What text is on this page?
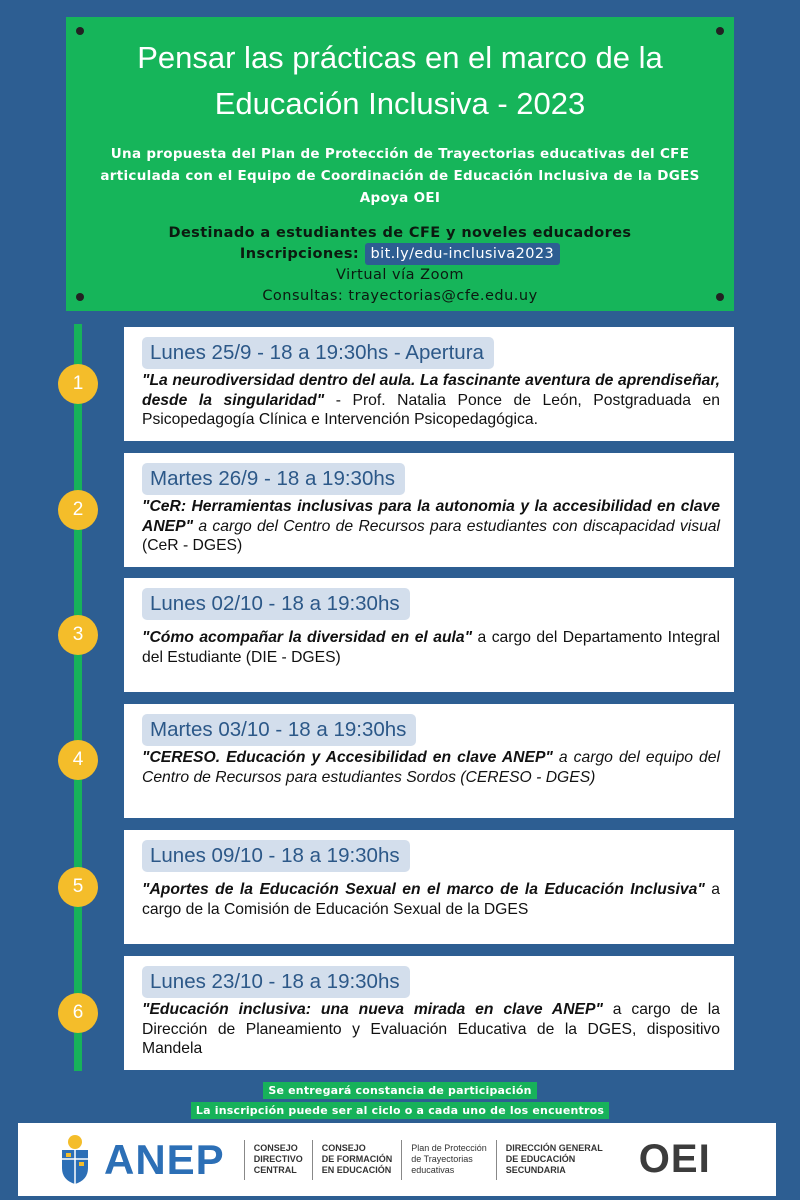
Pensar las prácticas en el marco de la
Educación Inclusiva - 2023
Una propuesta del Plan de Protección de Trayectorias educativas del CFE
articulada con el Equipo de Coordinación de Educación Inclusiva de la DGES
Apoya OEI
Destinado a estudiantes de CFE y noveles educadores
Inscripciones: bit.ly/edu-inclusiva2023
Virtual vía Zoom
Consultas: trayectorias@cfe.edu.uy
1
2
3
4
5
6
Lunes 25/9 - 18 a 19:30hs - Apertura
"La neurodiversidad dentro del aula. La fascinante aventura de aprendiseñar, desde la singularidad" - Prof. Natalia Ponce de León, Postgraduada en Psicopedagogía Clínica e Intervención Psicopedagógica.
Martes 26/9 - 18 a 19:30hs
"CeR: Herramientas inclusivas para la autonomia y la accesibilidad en clave ANEP" a cargo del Centro de Recursos para estudiantes con discapacidad visual (CeR - DGES)
Lunes 02/10 - 18 a 19:30hs
"Cómo acompañar la diversidad en el aula" a cargo del Departamento Integral del Estudiante (DIE - DGES)
Martes 03/10 - 18 a 19:30hs
"CERESO. Educación y Accesibilidad en clave ANEP" a cargo del equipo del Centro de Recursos para estudiantes Sordos (CERESO - DGES)
Lunes 09/10 - 18 a 19:30hs
"Aportes de la Educación Sexual en el marco de la Educación Inclusiva" a cargo de la Comisión de Educación Sexual de la DGES
Lunes 23/10 - 18 a 19:30hs
"Educación inclusiva: una nueva mirada en clave ANEP" a cargo de la Dirección de Planeamiento y Evaluación Educativa de la DGES, dispositivo Mandela
Se entregará constancia de participación
La inscripción puede ser al ciclo o a cada uno de los encuentros
ANEP	CONSEJO
DIRECTIVO
CENTRAL
CONSEJO
DE FORMACIÓN
EN EDUCACIÓN
Plan de Protección
de Trayectorias
educativas
DIRECCIÓN GENERAL
DE EDUCACIÓN
SECUNDARIA	OEI
